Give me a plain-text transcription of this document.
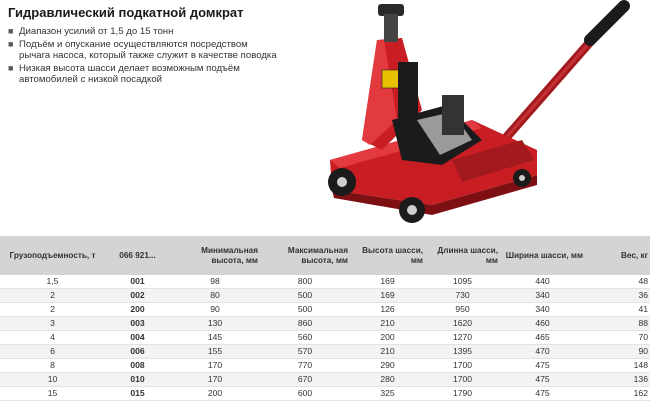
Гидравлический подкатной домкрат
■ Диапазон усилий от 1,5 до 15 тонн
■ Подъём и опускание осуществляются посредством рычага насоса, который также служит в качестве поводка
■ Низкая высота шасси делает возможным подъём автомобилей с низкой посадкой
Грузоподъемность, т	066 921...	Минимальная высота, мм	Максимальная высота, мм	Высота шасси, мм	Длинна шасси, мм	Ширина шасси, мм	Вес, кг
1,5	001	98	800	169	1095	440	48
2	002	80	500	169	730	340	36
2	200	90	500	126	950	340	41
3	003	130	860	210	1620	460	88
4	004	145	560	200	1270	465	70
6	006	155	570	210	1395	470	90
8	008	170	770	290	1700	475	148
10	010	170	670	280	1700	475	136
15	015	200	600	325	1790	475	162
